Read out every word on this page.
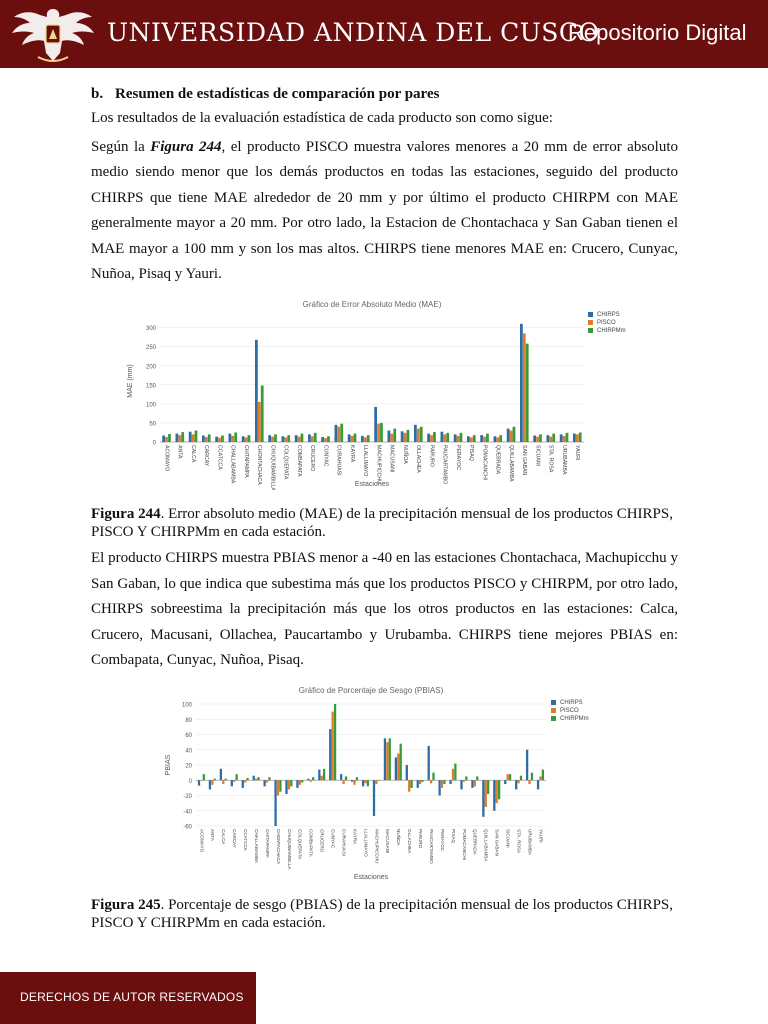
UNIVERSIDAD ANDINA DEL CUSCO
Repositorio Digital

b. Resumen de estadísticas de comparación por pares

Los resultados de la evaluación estadística de cada producto son como sigue:

Según la Figura 244, el producto PISCO muestra valores menores a 20 mm de error absoluto medio siendo menor que los demás productos en todas las estaciones, seguido del producto CHIRPS que tiene MAE alrededor de 20 mm y por último el producto CHIRPM con MAE generalmente mayor a 20 mm. Por otro lado, la Estacion de Chontachaca y San Gaban tienen el MAE mayor a 100 mm y son los mas altos. CHIRPS tiene menores MAE en: Crucero, Cunyac, Nuñoa, Pisaq y Yauri.

Gráfico de Error Absoluto Medio (MAE)
0
50
100
150
200
250
300
ACOMAYO ANTA CALCA CARCAY CCATCCA CHALLABAMBA CHITAPAMPA CHONTACHACA CHUQUIBAMBILLA COLQUEPATA COMBAPATA CRUCERO CUNYAC CURAHUASI KAYRA LLALLIMAYO MACHUPICCHU MACUSANI NUÑOA OLLACHEA PARURO PAUCARTAMBO PERAYOC PISAQ POMACANCHI QUEBRADA QUILLABAMBA SAN GABAN SICUANI STA. ROSA URUBAMBA YAURI
Estaciones
MAE (mm)
CHIRPS
PISCO
CHIRPMm
Figura 244. Error absoluto medio (MAE) de la precipitación mensual de los productos CHIRPS, PISCO Y CHIRPMm en cada estación.

El producto CHIRPS muestra PBIAS menor a -40 en las estaciones Chontachaca, Machupicchu y San Gaban, lo que indica que subestima más que los productos PISCO y CHIRPM, por otro lado, CHIRPS sobreestima la precipitación más que los otros productos en las estaciones: Calca, Crucero, Macusani, Ollachea, Paucartambo y Urubamba. CHIRPS tiene mejores PBIAS en: Combapata, Cunyac, Nuñoa, Pisaq.

Gráfico de Porcentaje de Sesgo (PBIAS)
-60
-40
-20
0
20
40
60
80
100
ACOMAYO ANTA CALCA CARCAY CCATCCA CHALLABAMBA CHITAPAMPA CHONTACHACA CHUQUIBAMBILLA COLQUEPATA COMBAPATA CRUCERO CUNYAC CURAHUASI KAYRA LLALLIMAYO MACHUPICCHU MACUSANI NUÑOA OLLACHEA PARURO PAUCARTAMBO PERAYOC PISAQ POMACANCHI QUEBRADA QUILLABAMBA SAN GABAN SICUANI STA. ROSA URUBAMBA YAURI
Estaciones
PBIAS
CHIRPS
PISCO
CHIRPMm
Figura 245. Porcentaje de sesgo (PBIAS) de la precipitación mensual de los productos CHIRPS, PISCO Y CHIRPMm en cada estación.
DERECHOS DE AUTOR RESERVADOS
